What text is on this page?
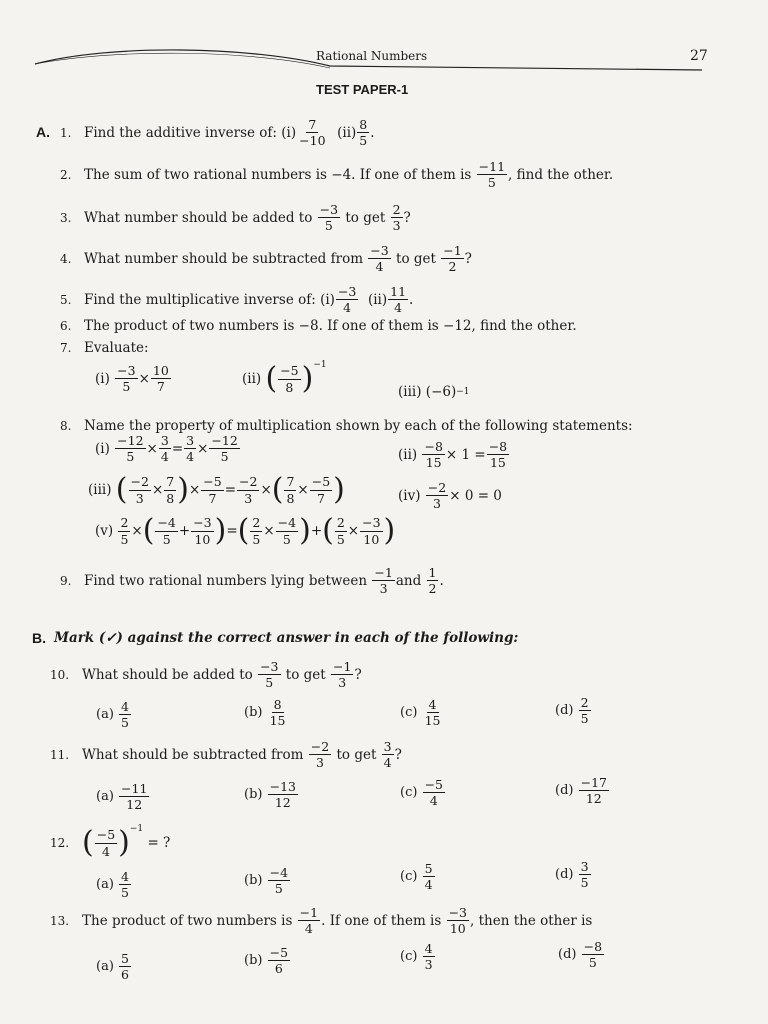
Rational Numbers	27
TEST PAPER-1
A. 1. Find the additive inverse of:
$(i) \frac{7}{-10}$
$(ii) \frac{8}{5}$ .
2. The sum of two rational numbers is −4. If one of them is
$\frac{-11}{5}$ , find the other.
3. What number should be added to
$\frac{-3}{5}$
to get
$\frac{2}{3}$ ?
4. What number should be subtracted from
$\frac{-3}{4}$
to get
$\frac{-1}{2}$ ?
5. Find the multiplicative inverse of:
$(i) \frac{-3}{4}$
$(ii) \frac{11}{4}$ .
6. The product of two numbers is −8. If one of them is −12, find the other.
7. Evaluate:
(i)
$\frac{-3}{5} \times \frac{10}{7}$	(ii)
( $\frac{-5}{8}$ ) −1
(iii)
(−6) −1
8. Name the property of multiplication shown by each of the following statements:
(i)
$\frac{-12}{5} \times \frac{3}{4} = \frac{3}{4} \times \frac{-12}{5}$	(ii)
$\frac{-8}{15} \times 1 = \frac{-8}{15}$
(iii)
( $\frac{-2}{3} \times \frac{7}{8}$ ) × $\frac{-5}{7} = \frac{-2}{3}$ × ( $\frac{7}{8} \times \frac{-5}{7}$ )	(iv)
$\frac{-2}{3} \times 0 = 0$
(v)
$\frac{2}{5}$ × ( $\frac{-4}{5} + \frac{-3}{10}$ ) = ( $\frac{2}{5} \times \frac{-4}{5}$ ) + ( $\frac{2}{5} \times \frac{-3}{10}$ )
9. Find two rational numbers lying between
$\frac{-1}{3}$ and
$\frac{1}{2}$ .
B. Mark (✓) against the correct answer in each of the following:
10. What should be added to
$\frac{-3}{5}$
to get
$\frac{-1}{3}$ ?
(a)
$\frac{4}{5}$	(b)
$\frac{8}{15}$	(c)
$\frac{4}{15}$	(d)
$\frac{2}{5}$
11. What should be subtracted from
$\frac{-2}{3}$
to get
$\frac{3}{4}$ ?
(a)
$\frac{-11}{12}$	(b)
$\frac{-13}{12}$	(c)
$\frac{-5}{4}$	(d)
$\frac{-17}{12}$
12. ( $\frac{-5}{4}$ ) −1

= ?
(a)
$\frac{4}{5}$	(b)
$\frac{-4}{5}$	(c)
$\frac{5}{4}$	(d)
$\frac{3}{5}$
13. The product of two numbers is
$\frac{-1}{4}$ . If one of them is
$\frac{-3}{10}$ , then the other is
(a)
$\frac{5}{6}$	(b)
$\frac{-5}{6}$	(c)
$\frac{4}{3}$	(d)
$\frac{-8}{5}$
